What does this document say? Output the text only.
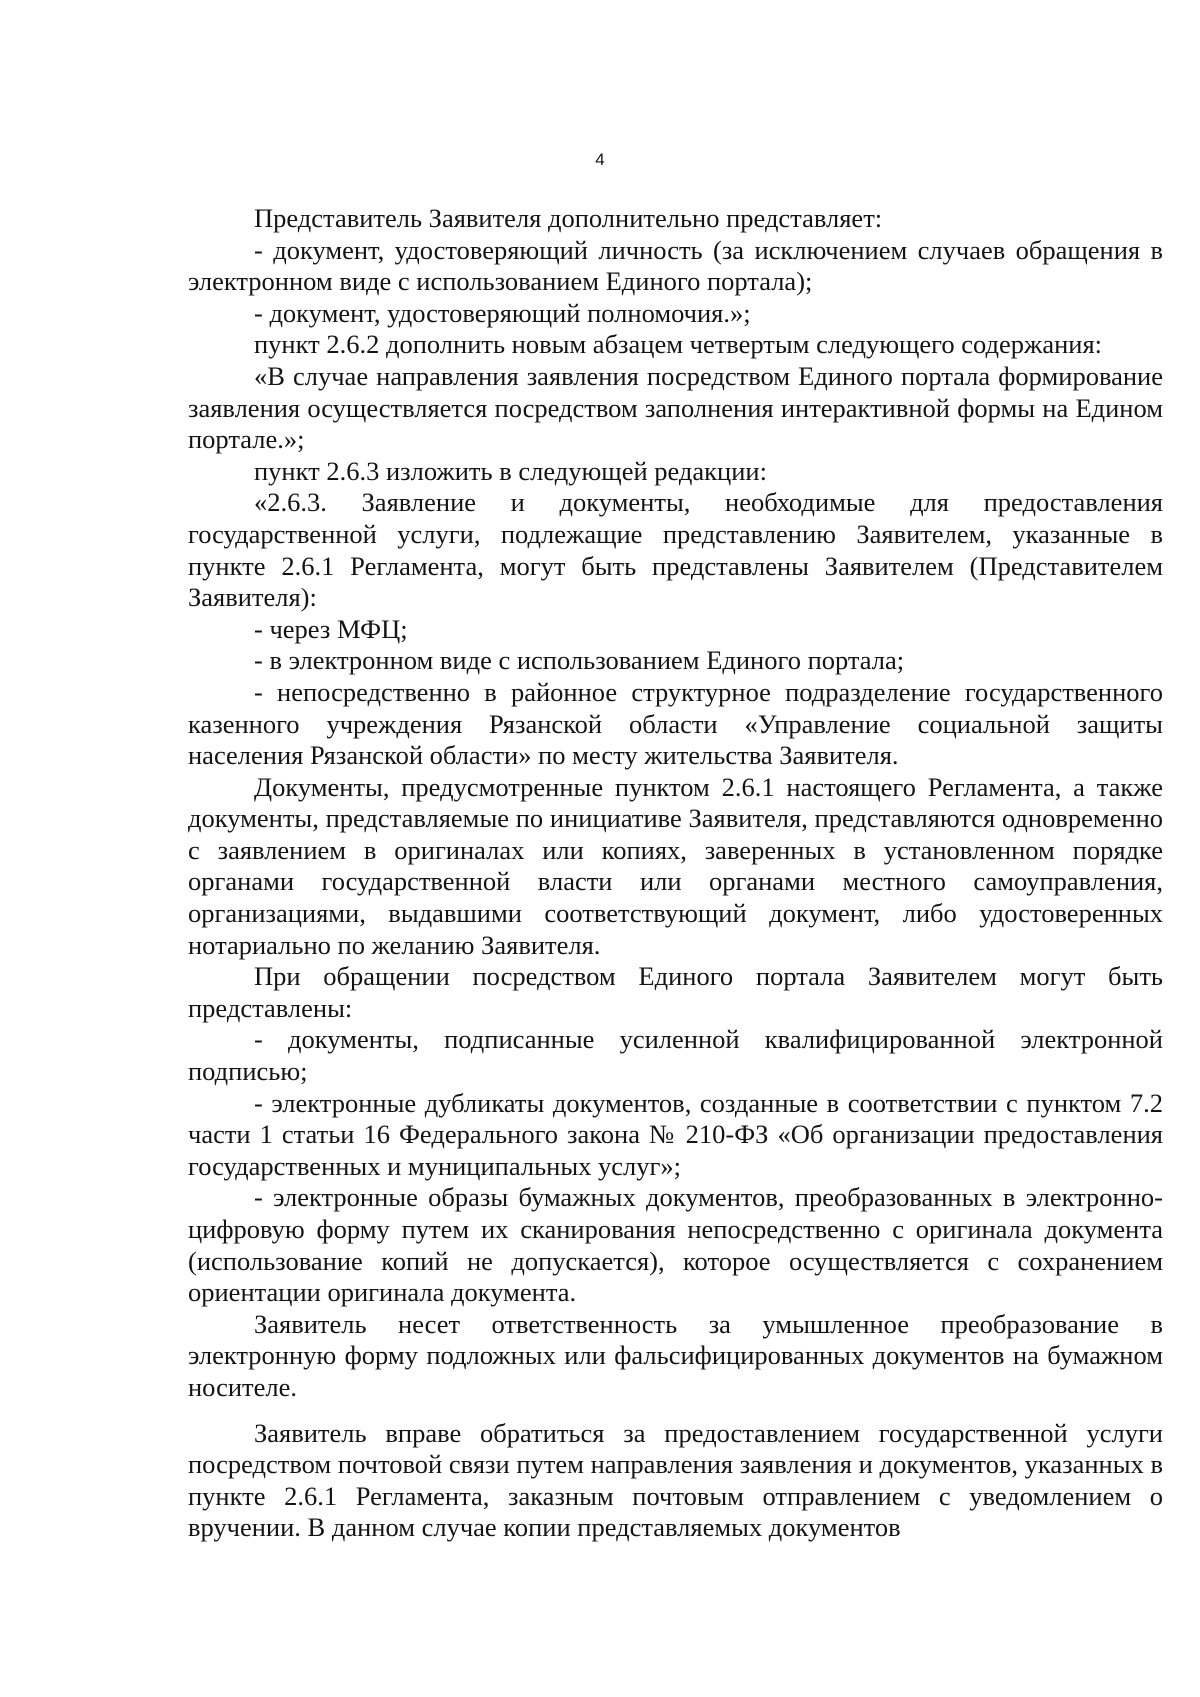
4

Представитель Заявителя дополнительно представляет:

- документ, удостоверяющий личность (за исключением случаев обращения в электронном виде с использованием Единого портала);

- документ, удостоверяющий полномочия.»;

пункт 2.6.2 дополнить новым абзацем четвертым следующего содержания:

«В случае направления заявления посредством Единого портала формирование заявления осуществляется посредством заполнения интерактивной формы на Едином портале.»;

пункт 2.6.3 изложить в следующей редакции:

«2.6.3. Заявление и документы, необходимые для предоставления государственной услуги, подлежащие представлению Заявителем, указанные в пункте 2.6.1 Регламента, могут быть представлены Заявителем (Представителем Заявителя):

- через МФЦ;

- в электронном виде с использованием Единого портала;

- непосредственно в районное структурное подразделение государственного казенного учреждения Рязанской области «Управление социальной защиты населения Рязанской области» по месту жительства Заявителя.

Документы, предусмотренные пунктом 2.6.1 настоящего Регламента, а также документы, представляемые по инициативе Заявителя, представляются одновременно с заявлением в оригиналах или копиях, заверенных в установленном порядке органами государственной власти или органами местного самоуправления, организациями, выдавшими соответствующий документ, либо удостоверенных нотариально по желанию Заявителя.

При обращении посредством Единого портала Заявителем могут быть представлены:

- документы, подписанные усиленной квалифицированной электронной подписью;

- электронные дубликаты документов, созданные в соответствии с пунктом 7.2 части 1 статьи 16 Федерального закона № 210-ФЗ «Об организации предоставления государственных и муниципальных услуг»;

- электронные образы бумажных документов, преобразованных в электронно-цифровую форму путем их сканирования непосредственно с оригинала документа (использование копий не допускается), которое осуществляется с сохранением ориентации оригинала документа.

Заявитель несет ответственность за умышленное преобразование в электронную форму подложных или фальсифицированных документов на бумажном носителе.

Заявитель вправе обратиться за предоставлением государственной услуги посредством почтовой связи путем направления заявления и документов, указанных в пункте 2.6.1 Регламента, заказным почтовым отправлением с уведомлением о вручении. В данном случае копии представляемых документов
